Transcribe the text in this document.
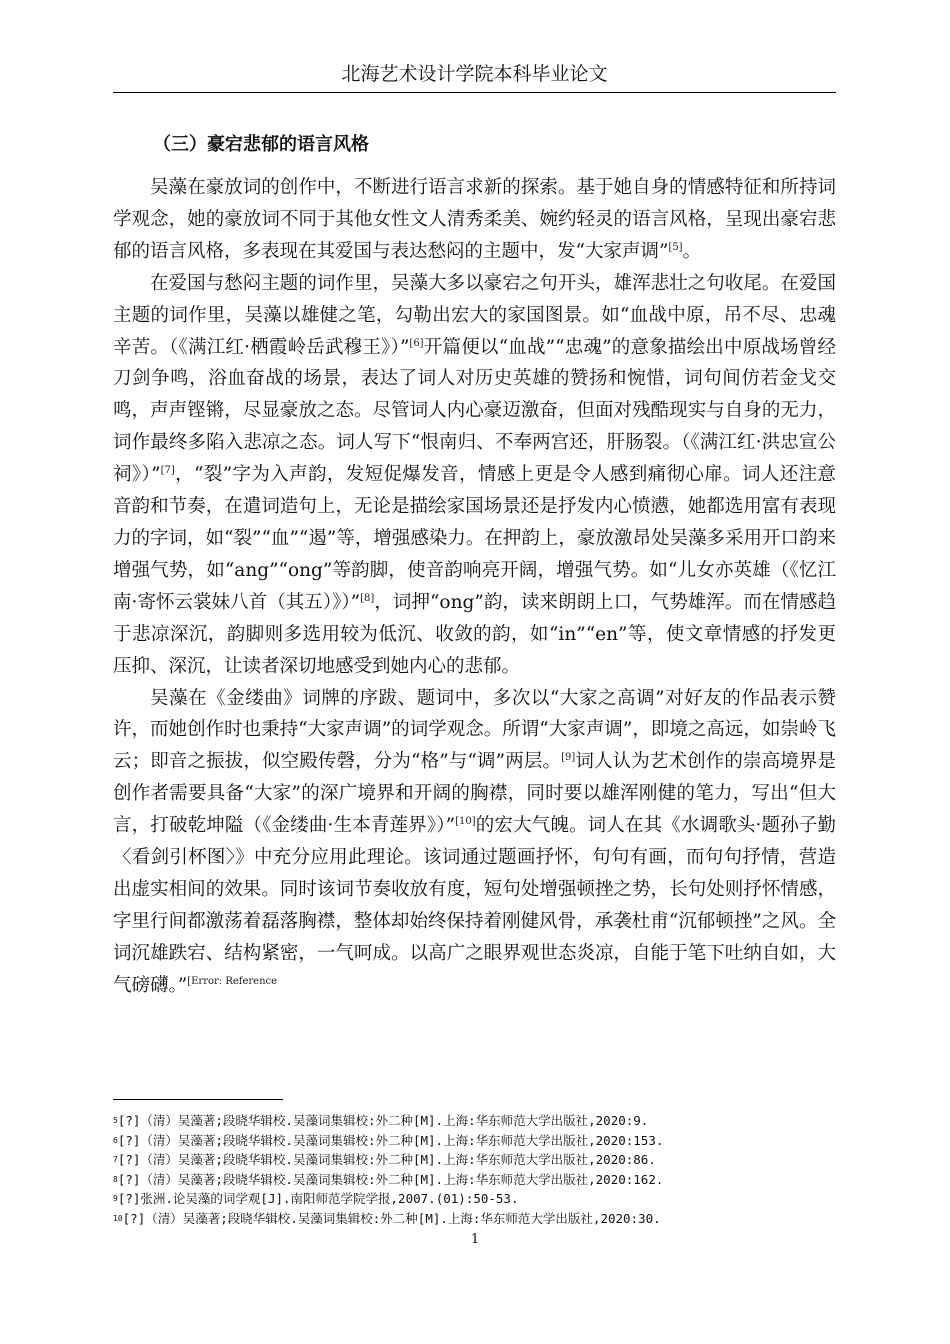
北海艺术设计学院本科毕业论文
（三）豪宕悲郁的语言风格

吴藻在豪放词的创作中，不断进行语言求新的探索。基于她自身的情感特征和所持词学观念，她的豪放词不同于其他女性文人清秀柔美、婉约轻灵的语言风格，呈现出豪宕悲郁的语言风格，多表现在其爱国与表达愁闷的主题中，发“大家声调”[5]。

在爱国与愁闷主题的词作里，吴藻大多以豪宕之句开头，雄浑悲壮之句收尾。在爱国主题的词作里，吴藻以雄健之笔，勾勒出宏大的家国图景。如“血战中原，吊不尽、忠魂辛苦。（《满江红·栖霞岭岳武穆王》）”[6]开篇便以“血战”“忠魂”的意象描绘出中原战场曾经刀剑争鸣，浴血奋战的场景，表达了词人对历史英雄的赞扬和惋惜，词句间仿若金戈交鸣，声声铿锵，尽显豪放之态。尽管词人内心豪迈激奋，但面对残酷现实与自身的无力，词作最终多陷入悲凉之态。词人写下“恨南归、不奉两宫还，肝肠裂。（《满江红·洪忠宣公祠》）”[7]，“裂”字为入声韵，发短促爆发音，情感上更是令人感到痛彻心扉。词人还注意音韵和节奏，在遣词造句上，无论是描绘家国场景还是抒发内心愤懑，她都选用富有表现力的字词，如“裂”“血”“遏”等，增强感染力。在押韵上，豪放激昂处吴藻多采用开口韵来增强气势，如“ang”“ong”等韵脚，使音韵响亮开阔，增强气势。如“儿女亦英雄（《忆江南·寄怀云裳妹八首（其五）》）”[8]，词押“ong”韵，读来朗朗上口，气势雄浑。而在情感趋于悲凉深沉，韵脚则多选用较为低沉、收敛的韵，如“in”“en”等，使文章情感的抒发更压抑、深沉，让读者深切地感受到她内心的悲郁。

吴藻在《金缕曲》词牌的序跋、题词中，多次以“大家之高调”对好友的作品表示赞许，而她创作时也秉持“大家声调”的词学观念。所谓“大家声调”，即境之高远，如崇岭飞云；即音之振拔，似空殿传磬，分为“格”与“调”两层。[9]词人认为艺术创作的崇高境界是创作者需要具备“大家”的深广境界和开阔的胸襟，同时要以雄浑刚健的笔力，写出“但大言，打破乾坤隘（《金缕曲·生本青莲界》）”[10]的宏大气魄。词人在其《水调歌头·题孙子勤〈看剑引杯图〉》中充分应用此理论。该词通过题画抒怀，句句有画，而句句抒情，营造出虚实相间的效果。同时该词节奏收放有度，短句处增强顿挫之势，长句处则抒怀情感，字里行间都激荡着磊落胸襟，整体却始终保持着刚健风骨，承袭杜甫“沉郁顿挫”之风。全词沉雄跌宕、结构紧密，一气呵成。以高广之眼界观世态炎凉，自能于笔下吐纳自如，大气磅礴。”$^{[Error: Reference}$

$^5$[?]（清）吴藻著;段晓华辑校.吴藻词集辑校:外二种[M].上海:华东师范大学出版社,2020:9.
$^6$[?]（清）吴藻著;段晓华辑校.吴藻词集辑校:外二种[M].上海:华东师范大学出版社,2020:153.
$^7$[?]（清）吴藻著;段晓华辑校.吴藻词集辑校:外二种[M].上海:华东师范大学出版社,2020:86.
$^8$[?]（清）吴藻著;段晓华辑校.吴藻词集辑校:外二种[M].上海:华东师范大学出版社,2020:162.
$^9$[?]张洲.论吴藻的词学观[J].南阳师范学院学报,2007.(01):50-53.
$^{10}$[?]（清）吴藻著;段晓华辑校.吴藻词集辑校:外二种[M].上海:华东师范大学出版社,2020:30.
1
